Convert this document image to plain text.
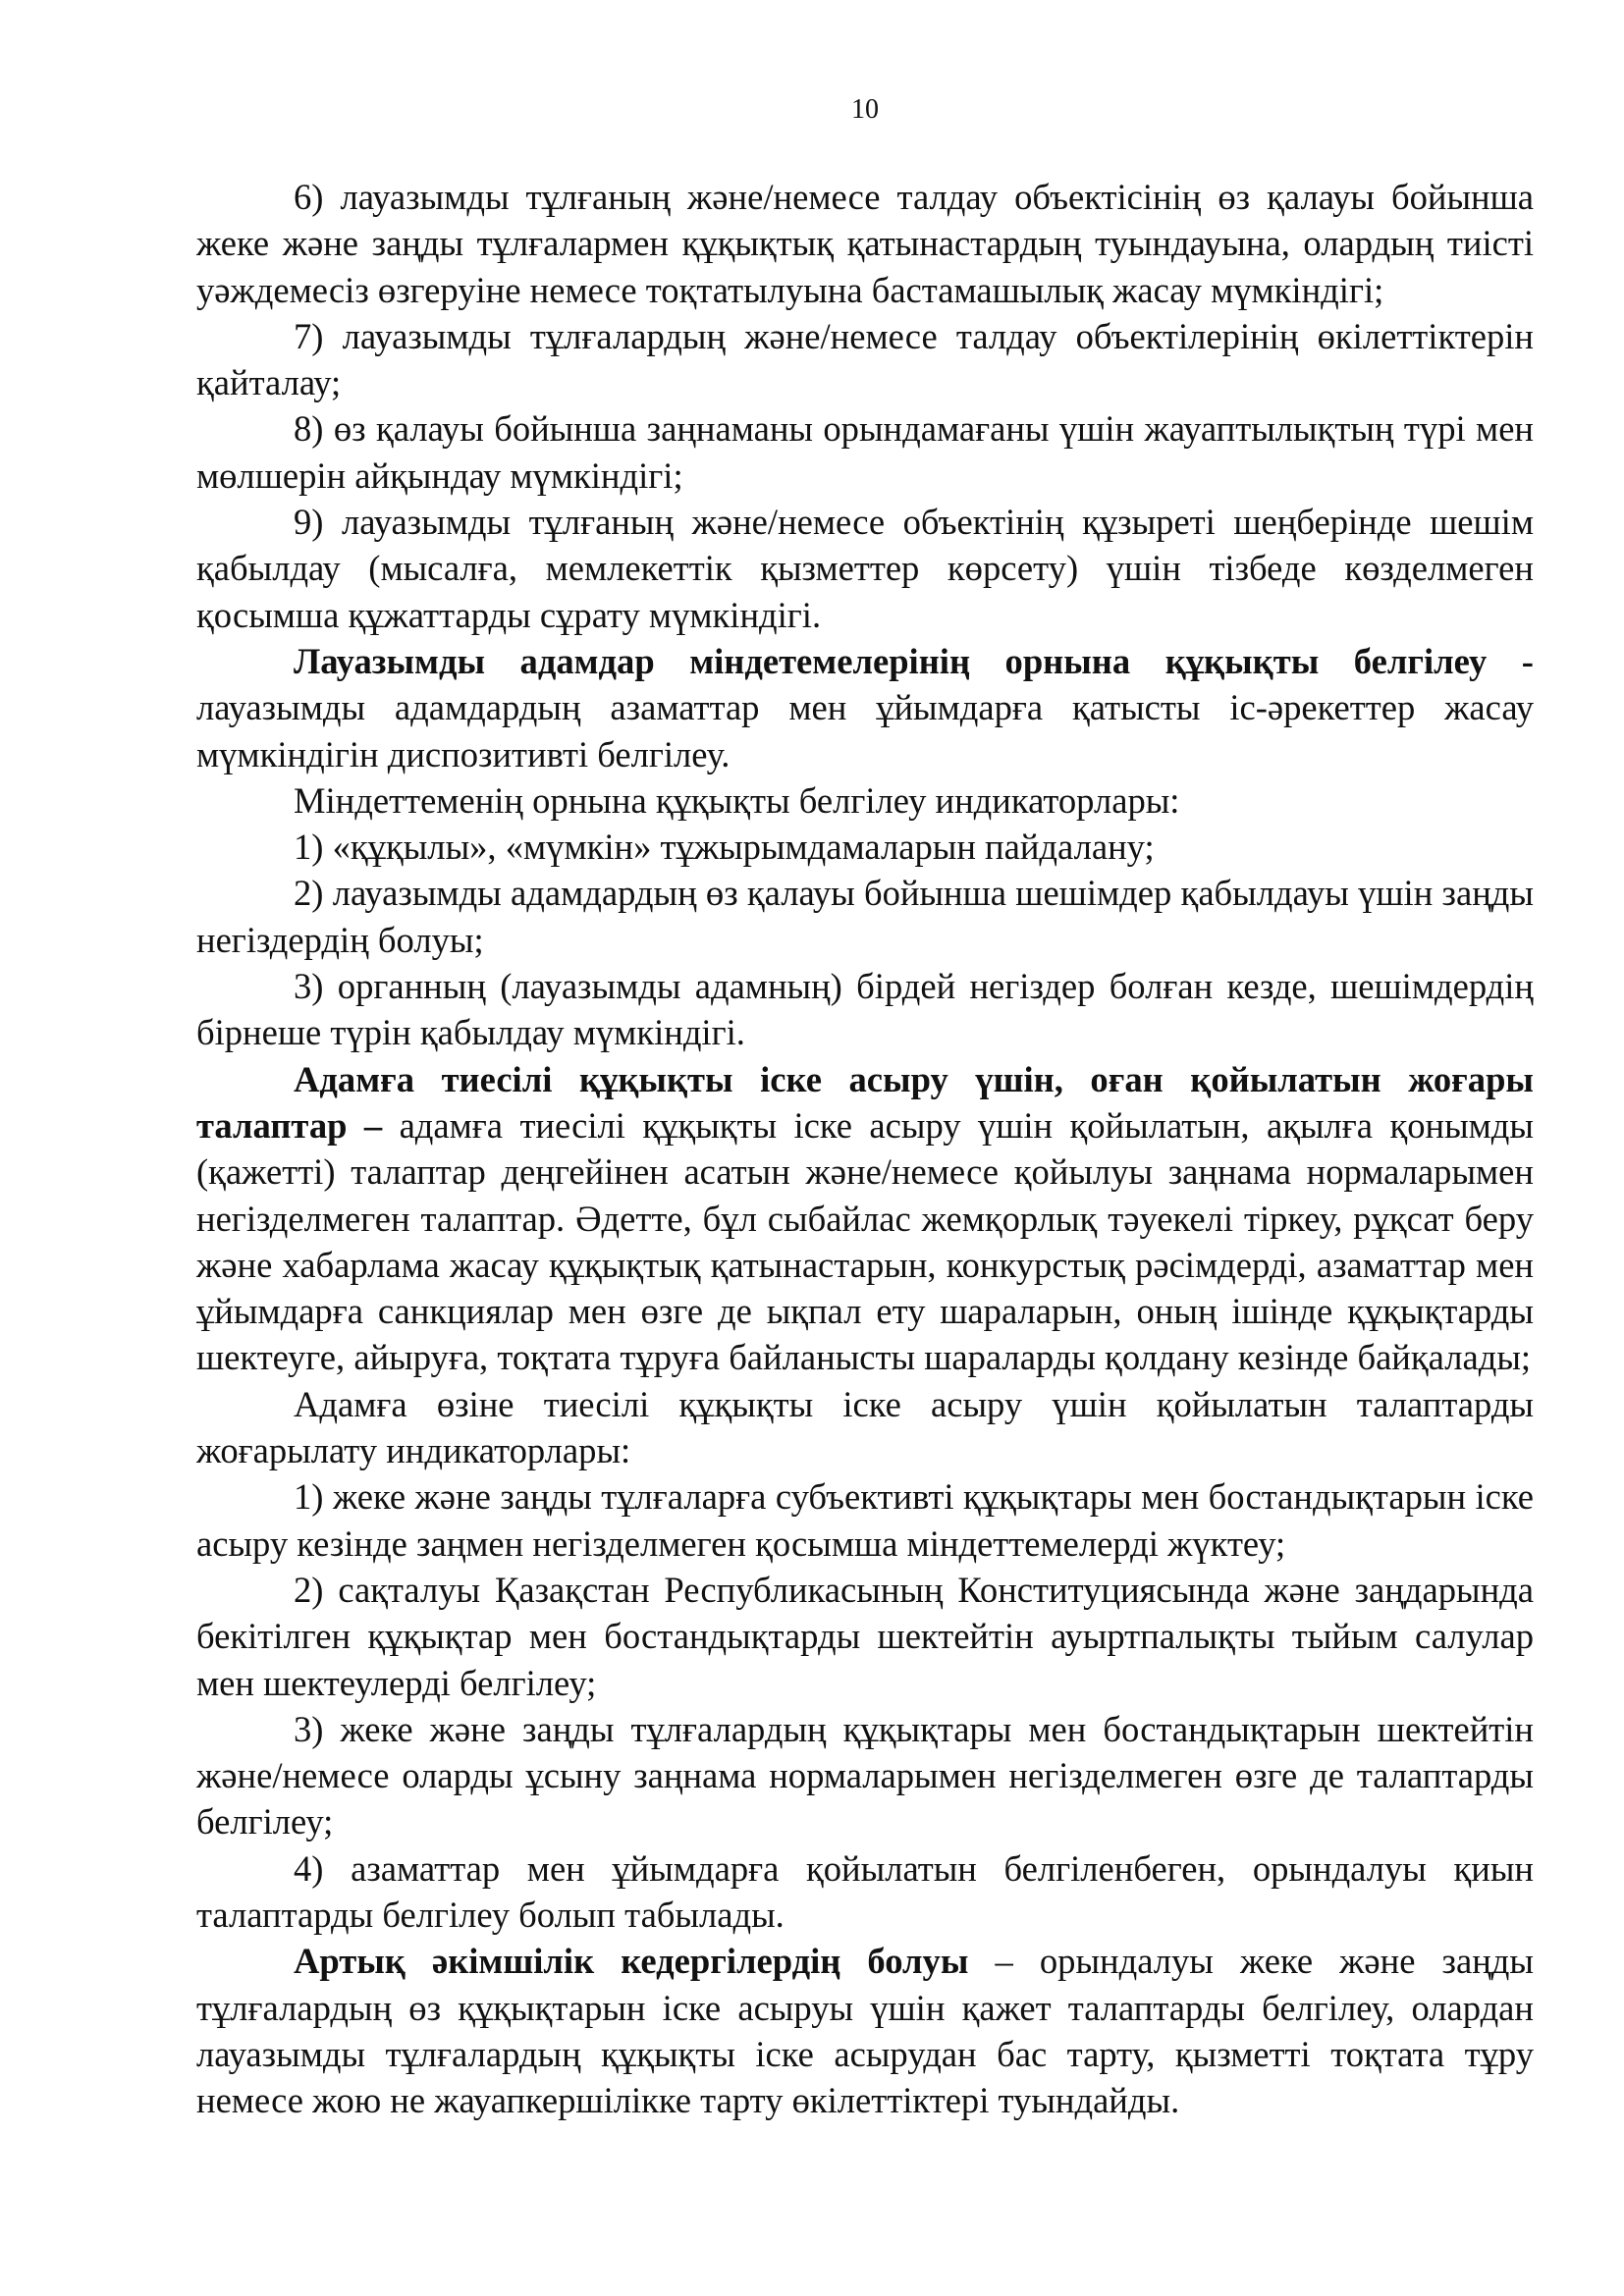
10

6) лауазымды тұлғаның және/немесе талдау объектісінің өз қалауы бойынша жеке және заңды тұлғалармен құқықтық қатынастардың туындауына, олардың тиісті уәждемесіз өзгеруіне немесе тоқтатылуына бастамашылық жасау мүмкіндігі;

7) лауазымды тұлғалардың және/немесе талдау объектілерінің өкілеттіктерін қайталау;

8) өз қалауы бойынша заңнаманы орындамағаны үшін жауаптылықтың түрі мен мөлшерін айқындау мүмкіндігі;

9) лауазымды тұлғаның және/немесе объектінің құзыреті шеңберінде шешім қабылдау (мысалға, мемлекеттік қызметтер көрсету) үшін тізбеде көзделмеген қосымша құжаттарды сұрату мүмкіндігі.

Лауазымды адамдар міндетемелерінің орнына құқықты белгілеу - лауазымды адамдардың азаматтар мен ұйымдарға қатысты іс-әрекеттер жасау мүмкіндігін диспозитивті белгілеу.

Міндеттеменің орнына құқықты белгілеу индикаторлары:

1) «құқылы», «мүмкін» тұжырымдамаларын пайдалану;

2) лауазымды адамдардың өз қалауы бойынша шешімдер қабылдауы үшін заңды негіздердің болуы;

3) органның (лауазымды адамның) бірдей негіздер болған кезде, шешімдердің бірнеше түрін қабылдау мүмкіндігі.

Адамға тиесілі құқықты іске асыру үшін, оған қойылатын жоғары талаптар – адамға тиесілі құқықты іске асыру үшін қойылатын, ақылға қонымды (қажетті) талаптар деңгейінен асатын және/немесе қойылуы заңнама нормаларымен негізделмеген талаптар. Әдетте, бұл сыбайлас жемқорлық тәуекелі тіркеу, рұқсат беру және хабарлама жасау құқықтық қатынастарын, конкурстық рәсімдерді, азаматтар мен ұйымдарға санкциялар мен өзге де ықпал ету шараларын, оның ішінде құқықтарды шектеуге, айыруға, тоқтата тұруға байланысты шараларды қолдану кезінде байқалады;

Адамға өзіне тиесілі құқықты іске асыру үшін қойылатын талаптарды жоғарылату индикаторлары:

1) жеке және заңды тұлғаларға субъективті құқықтары мен бостандықтарын іске асыру кезінде заңмен негізделмеген қосымша міндеттемелерді жүктеу;

2) сақталуы Қазақстан Республикасының Конституциясында және заңдарында бекітілген құқықтар мен бостандықтарды шектейтін ауыртпалықты тыйым салулар мен шектеулерді белгілеу;

3) жеке және заңды тұлғалардың құқықтары мен бостандықтарын шектейтін және/немесе оларды ұсыну заңнама нормаларымен негізделмеген өзге де талаптарды белгілеу;

4) азаматтар мен ұйымдарға қойылатын белгіленбеген, орындалуы қиын талаптарды белгілеу болып табылады.

Артық әкімшілік кедергілердің болуы – орындалуы жеке және заңды тұлғалардың өз құқықтарын іске асыруы үшін қажет талаптарды белгілеу, олардан лауазымды тұлғалардың құқықты іске асырудан бас тарту, қызметті тоқтата тұру немесе жою не жауапкершілікке тарту өкілеттіктері туындайды.
